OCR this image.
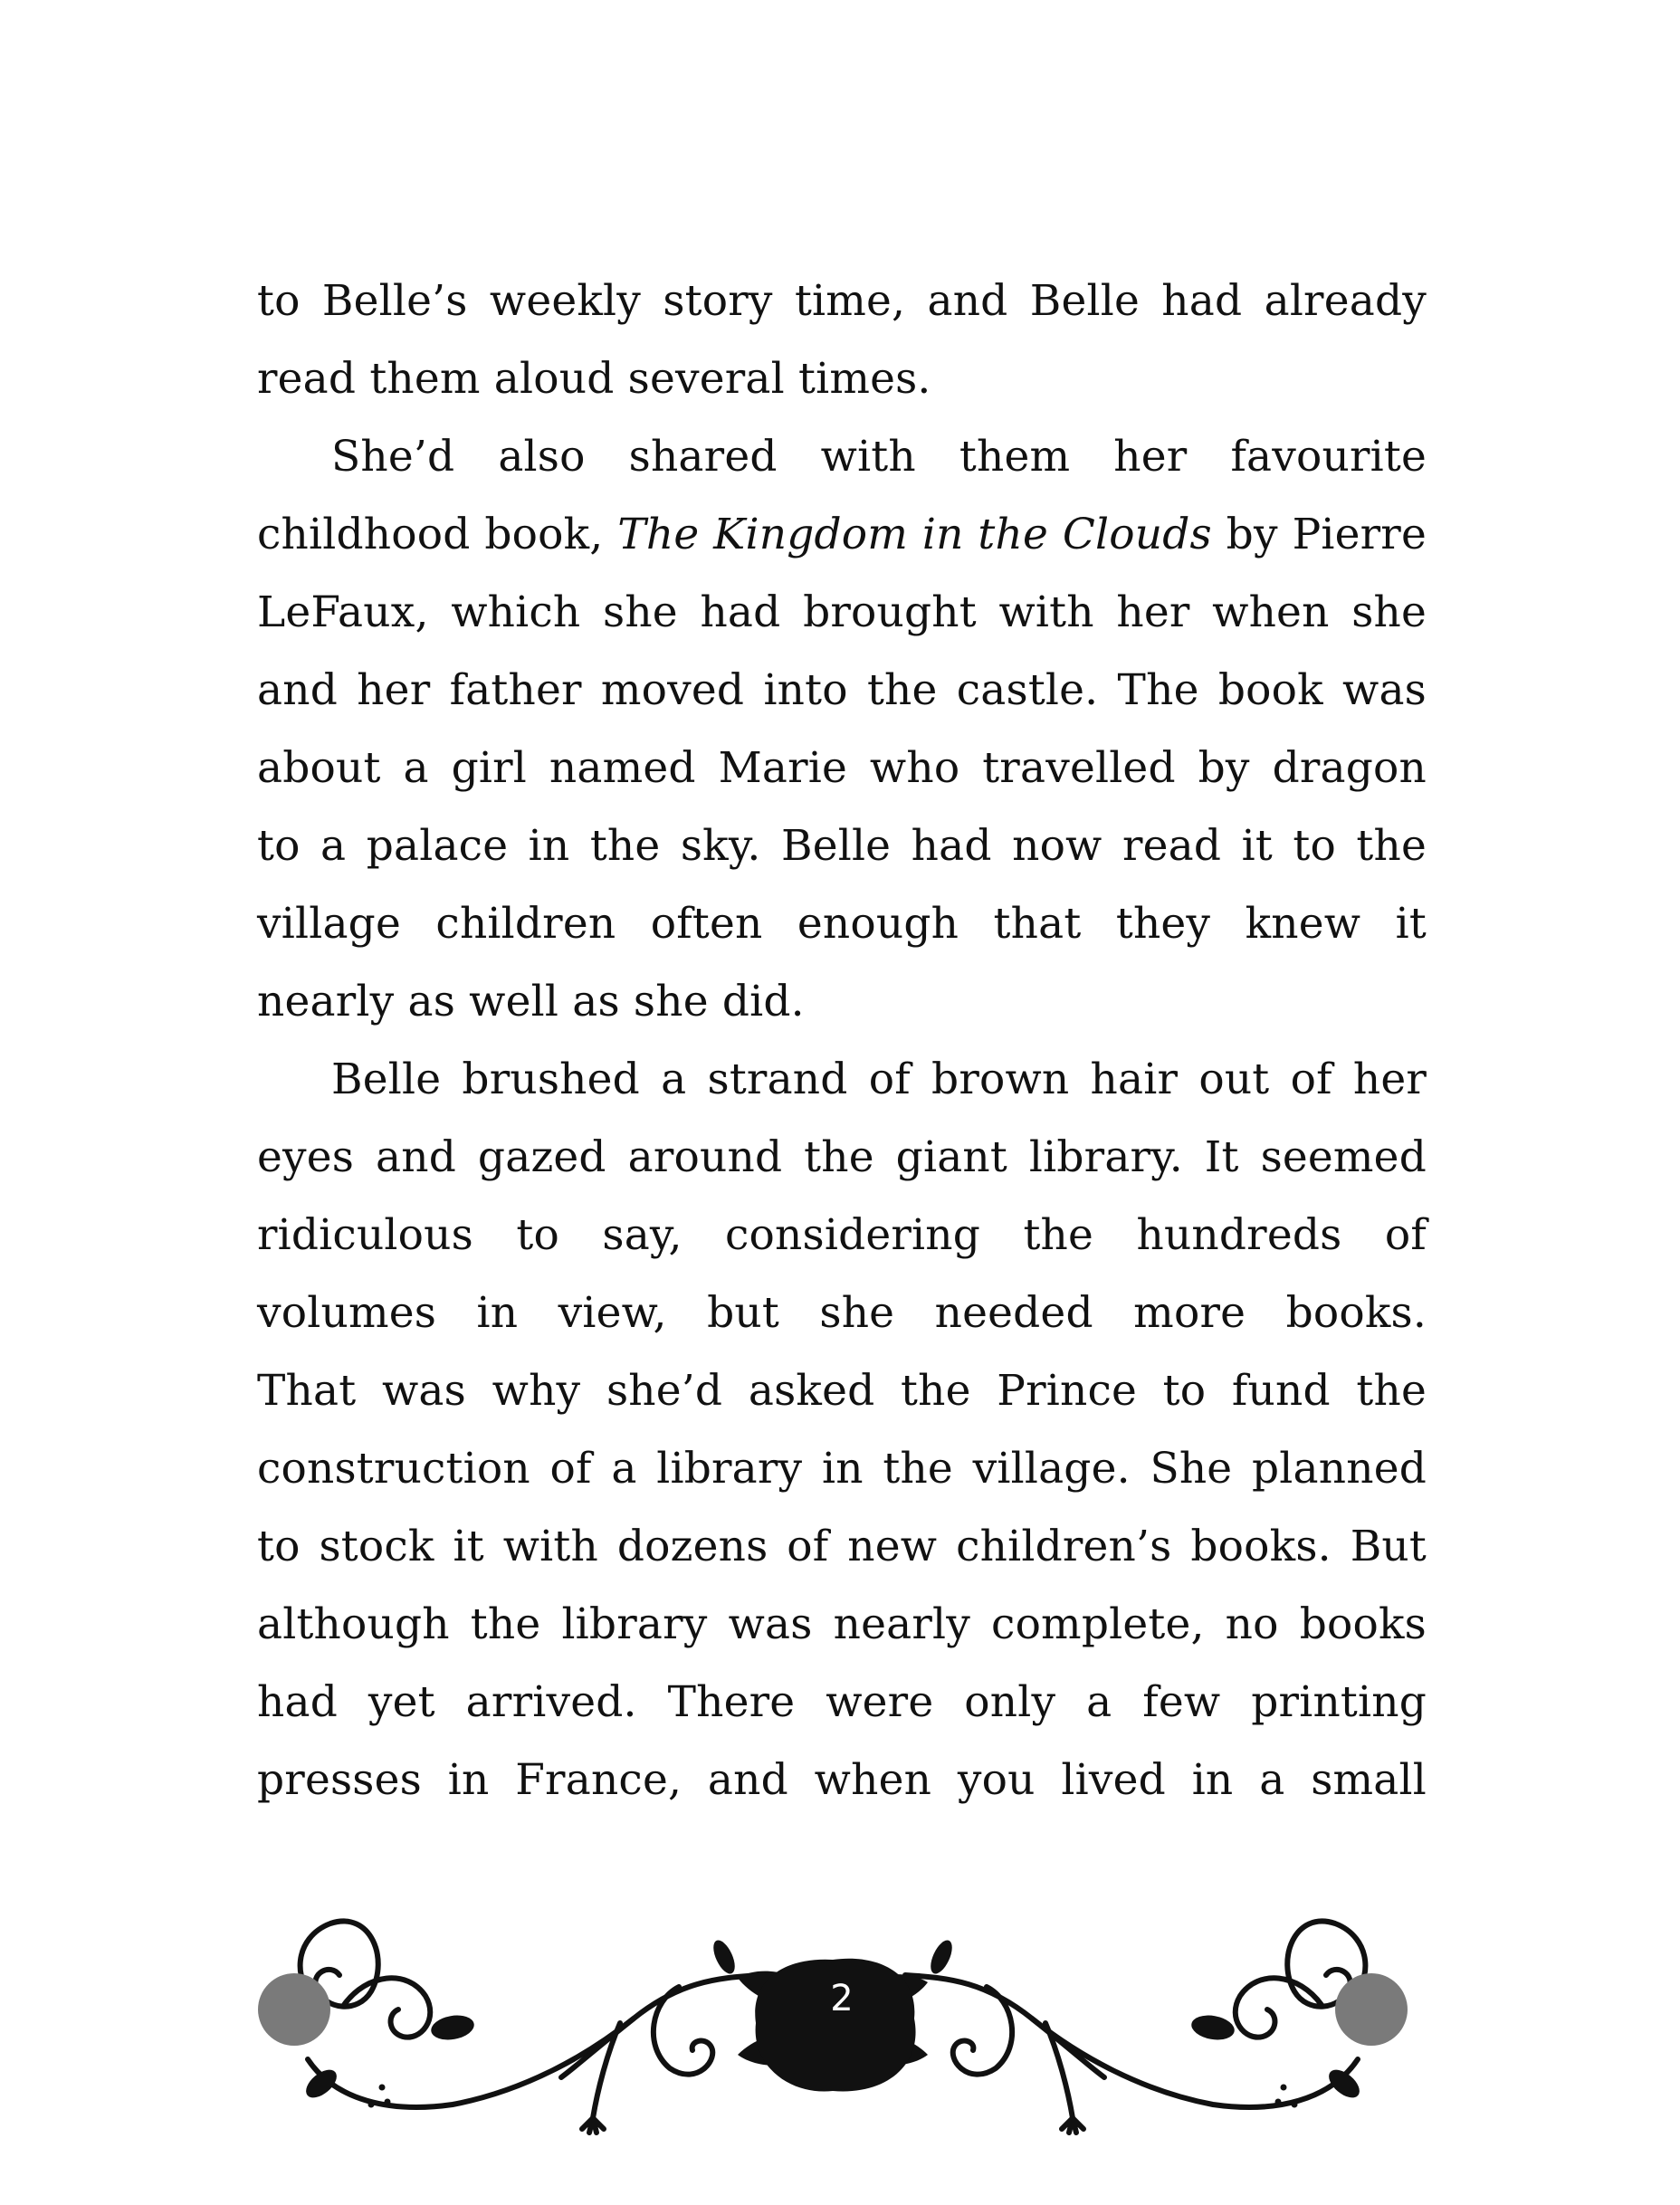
to Belle’s weekly story time, and Belle had already
read them aloud several times.
She’d also shared with them her favourite
childhood book, The Kingdom in the Clouds by Pierre
LeFaux, which she had brought with her when she
and her father moved into the castle. The book was
about a girl named Marie who travelled by dragon
to a palace in the sky. Belle had now read it to the
village children often enough that they knew it
nearly as well as she did.
Belle brushed a strand of brown hair out of her
eyes and gazed around the giant library. It seemed
ridiculous to say, considering the hundreds of
volumes in view, but she needed more books.
That was why she’d asked the Prince to fund the
construction of a library in the village. She planned
to stock it with dozens of new children’s books. But
although the library was nearly complete, no books
had yet arrived. There were only a few printing
presses in France, and when you lived in a small
2
